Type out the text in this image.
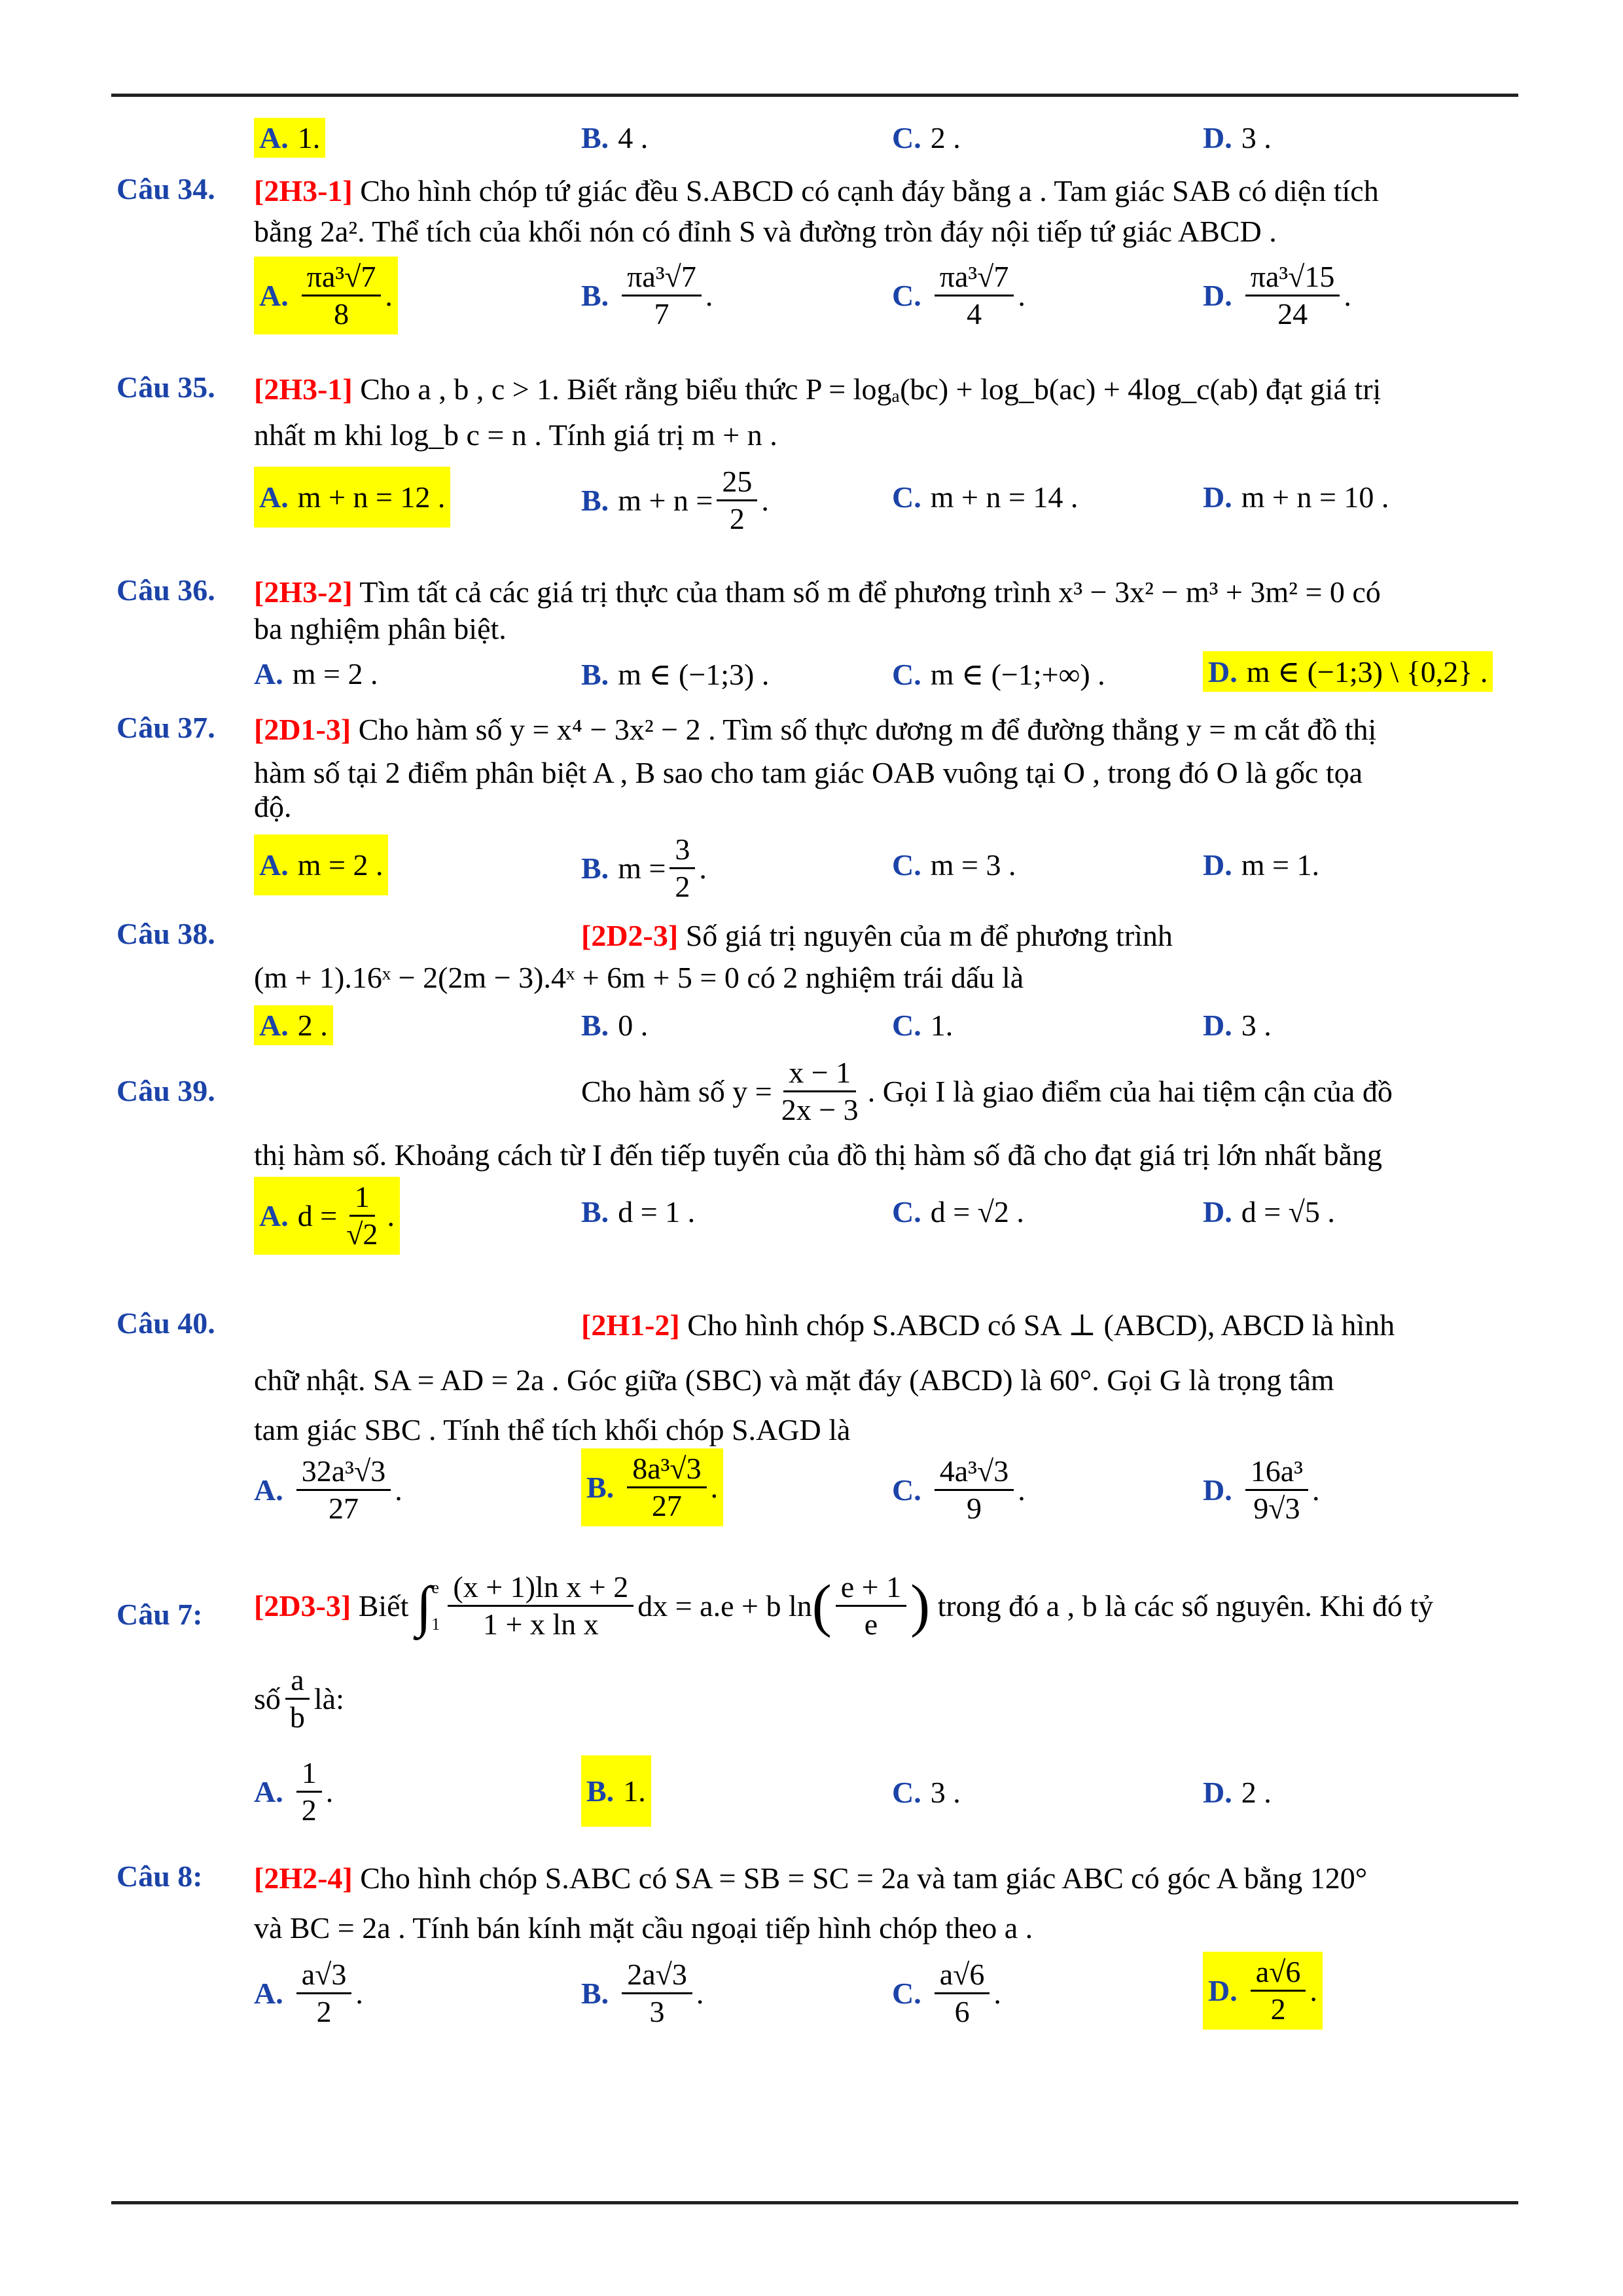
A. 1.	B. 4 .	C. 2 .	D. 3 .
Câu 34. [2H3-1] Cho hình chóp tứ giác đều S.ABCD có cạnh đáy bằng a . Tam giác SAB có diện tích
bằng 2a². Thể tích của khối nón có đỉnh S và đường tròn đáy nội tiếp tứ giác ABCD .
A. $\frac{\text{πa³√7}}{8}$ .	B. $\frac{\text{πa³√7}}{7}$ .	C. $\frac{\text{πa³√7}}{4}$ .	D. $\frac{\text{πa³√15}}{24}$ .
Câu 35. [2H3-1] Cho a , b , c > 1. Biết rằng biểu thức P = logₐ(bc) + log_b(ac) + 4log_c(ab) đạt giá trị
nhất m khi log_b c = n . Tính giá trị m + n .
A. m + n = 12 .	B. $m + n = \frac{25}{2}$ .	C. m + n = 14 .	D. m + n = 10 .
Câu 36. [2H3-2] Tìm tất cả các giá trị thực của tham số m để phương trình x³ − 3x² − m³ + 3m² = 0 có
ba nghiệm phân biệt.
A. m = 2 .	B. m ∈ (−1;3) .	C. m ∈ (−1;+∞) .	D. m ∈ (−1;3) \ {0,2} .
Câu 37. [2D1-3] Cho hàm số y = x⁴ − 3x² − 2 . Tìm số thực dương m để đường thẳng y = m cắt đồ thị
hàm số tại 2 điểm phân biệt A , B sao cho tam giác OAB vuông tại O , trong đó O là gốc tọa
độ.
A. m = 2 .	B. $m = \frac{3}{2}$ .	C. m = 3 .	D. m = 1.
Câu 38.	[2D2-3] Số giá trị nguyên của m để phương trình
(m + 1).16ˣ − 2(2m − 3).4ˣ + 6m + 5 = 0 có 2 nghiệm trái dấu là
A. 2 .	B. 0 .	C. 1.	D. 3 .
Câu 39.	Cho hàm số $y = \frac{x - 1}{2x - 3}$ . Gọi I là giao điểm của hai tiệm cận của đồ
thị hàm số. Khoảng cách từ I đến tiếp tuyến của đồ thị hàm số đã cho đạt giá trị lớn nhất bằng
A. $d = \frac{1}{√2}$ .	B. d = 1 .	C. d = √2 .	D. d = √5 .
Câu 40.	[2H1-2] Cho hình chóp S.ABCD có SA ⊥ (ABCD), ABCD là hình
chữ nhật. SA = AD = 2a . Góc giữa (SBC) và mặt đáy (ABCD) là 60°. Gọi G là trọng tâm
tam giác SBC . Tính thể tích khối chóp S.AGD là
A. $\frac{\text{32a³√3}}{27}$ .	B. $\frac{\text{8a³√3}}{27}$ .	C. $\frac{\text{4a³√3}}{9}$ .	D. $\frac{\text{16a³}}{9√3}$ .
Câu 7: [2D3-3]
Biết
∫ e
$1 \frac{\text{(x + 1)ln x + 2}}{\text{1 + x ln x}}$ dx = a.e + b ln ( $\frac{e + 1}{e}$ )
trong đó a , b là các số nguyên. Khi đó tỷ
số $\frac{a}{b}$ là:
A. $\frac{1}{2}$ .	B. 1.	C. 3 .	D. 2 .
Câu 8: [2H2-4] Cho hình chóp S.ABC có SA = SB = SC = 2a và tam giác ABC có góc A bằng 120°
và BC = 2a . Tính bán kính mặt cầu ngoại tiếp hình chóp theo a .
A. $\frac{a√3}{2}$ .	B. $\frac{2a√3}{3}$ .	C. $\frac{a√6}{6}$ .	D. $\frac{a√6}{2}$ .
